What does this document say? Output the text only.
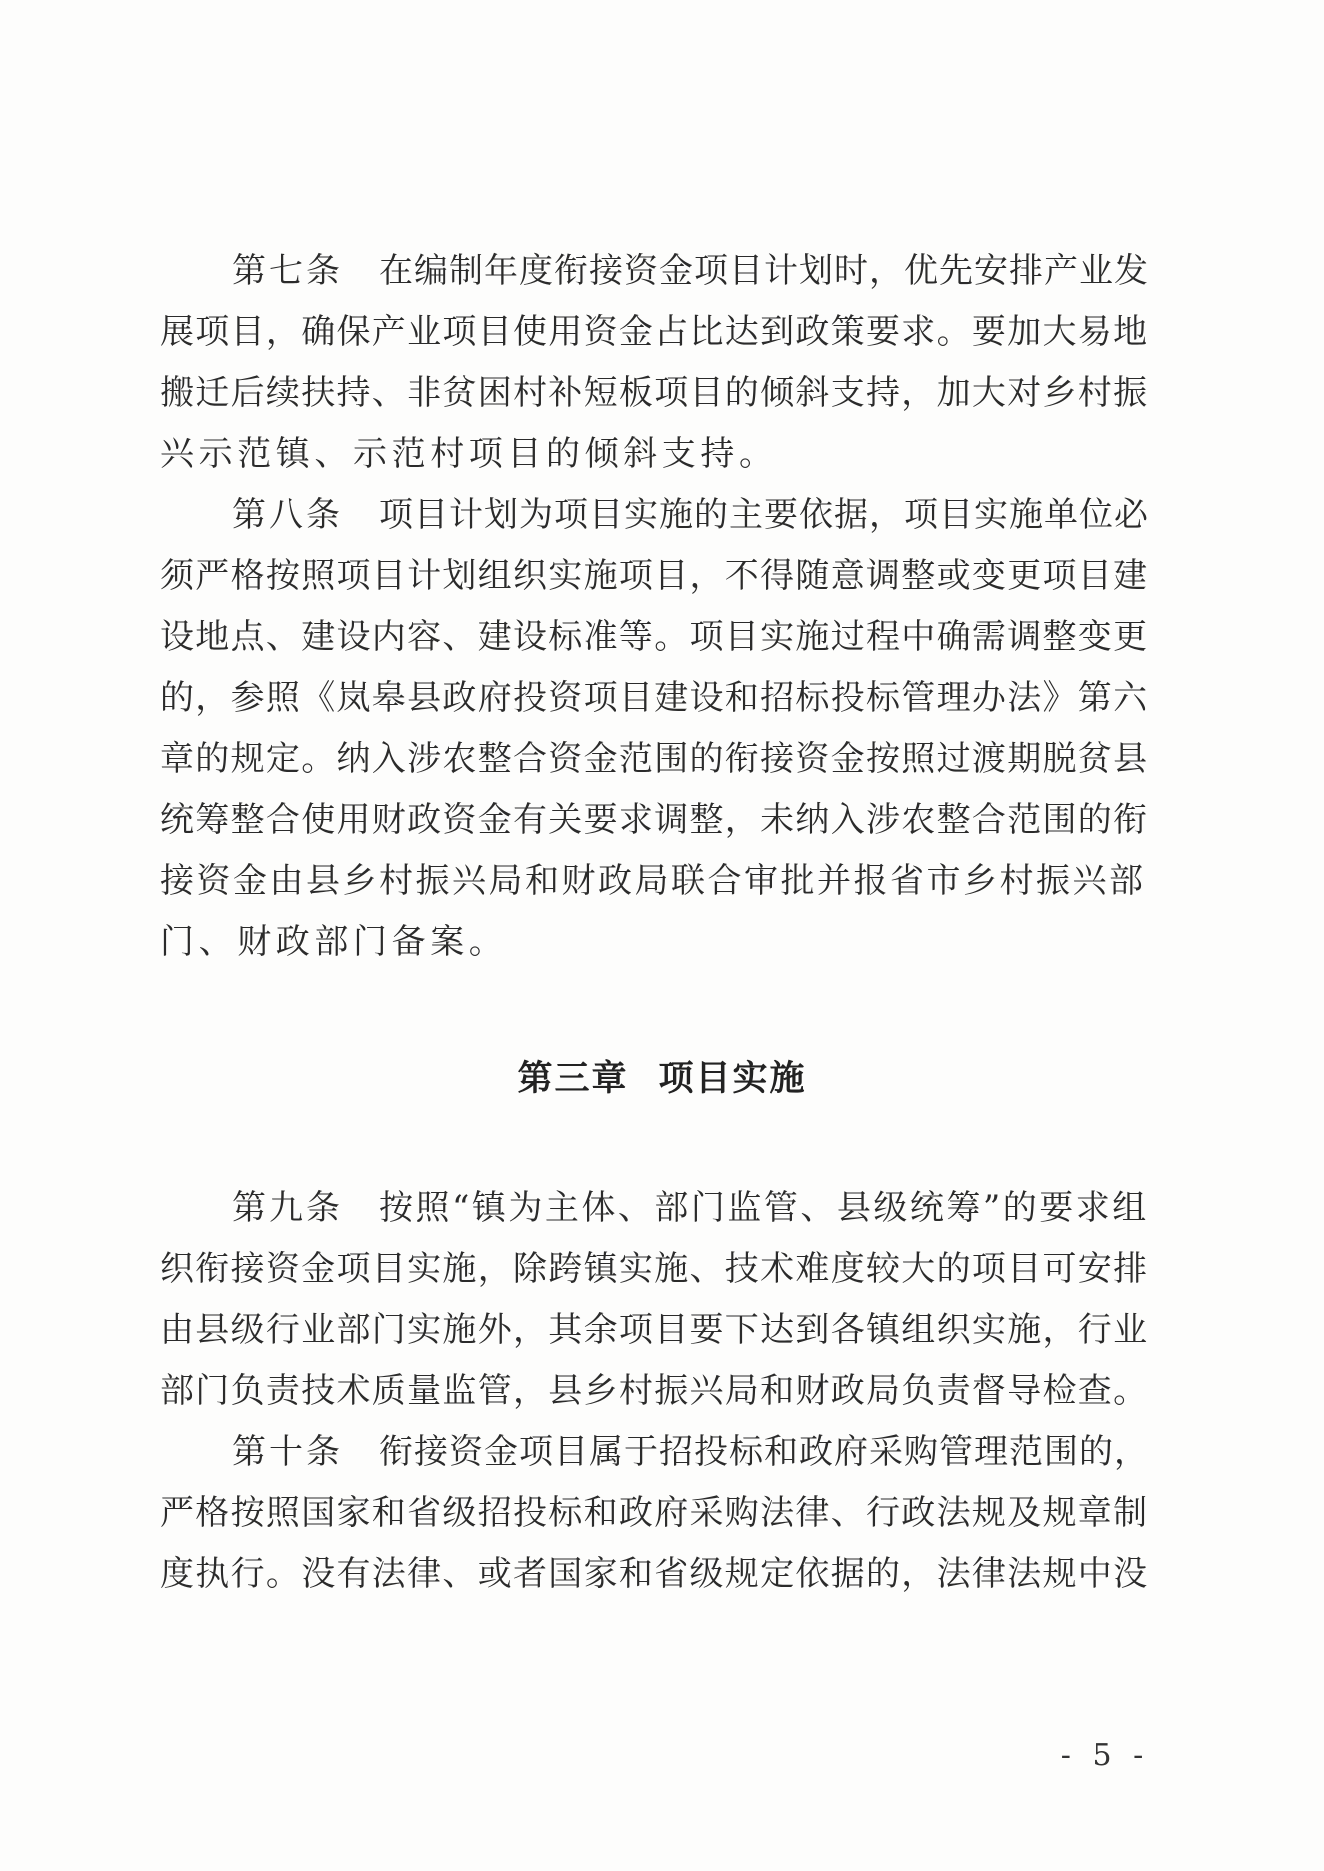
第七条 在编制年度衔接资金项目计划时，优先安排产业发
展项目，确保产业项目使用资金占比达到政策要求。要加大易地
搬迁后续扶持、非贫困村补短板项目的倾斜支持，加大对乡村振
兴示范镇、示范村项目的倾斜支持。
第八条 项目计划为项目实施的主要依据，项目实施单位必
须严格按照项目计划组织实施项目，不得随意调整或变更项目建
设地点、建设内容、建设标准等。项目实施过程中确需调整变更
的，参照《岚皋县政府投资项目建设和招标投标管理办法》第六
章的规定。纳入涉农整合资金范围的衔接资金按照过渡期脱贫县
统筹整合使用财政资金有关要求调整，未纳入涉农整合范围的衔
接资金由县乡村振兴局和财政局联合审批并报省市乡村振兴部
门、财政部门备案。
第三章 项目实施
第九条 按照“镇为主体、部门监管、县级统筹”的要求组
织衔接资金项目实施，除跨镇实施、技术难度较大的项目可安排
由县级行业部门实施外，其余项目要下达到各镇组织实施，行业
部门负责技术质量监管，县乡村振兴局和财政局负责督导检查。
第十条 衔接资金项目属于招投标和政府采购管理范围的，
严格按照国家和省级招投标和政府采购法律、行政法规及规章制
度执行。没有法律、或者国家和省级规定依据的，法律法规中没
- 5 -
